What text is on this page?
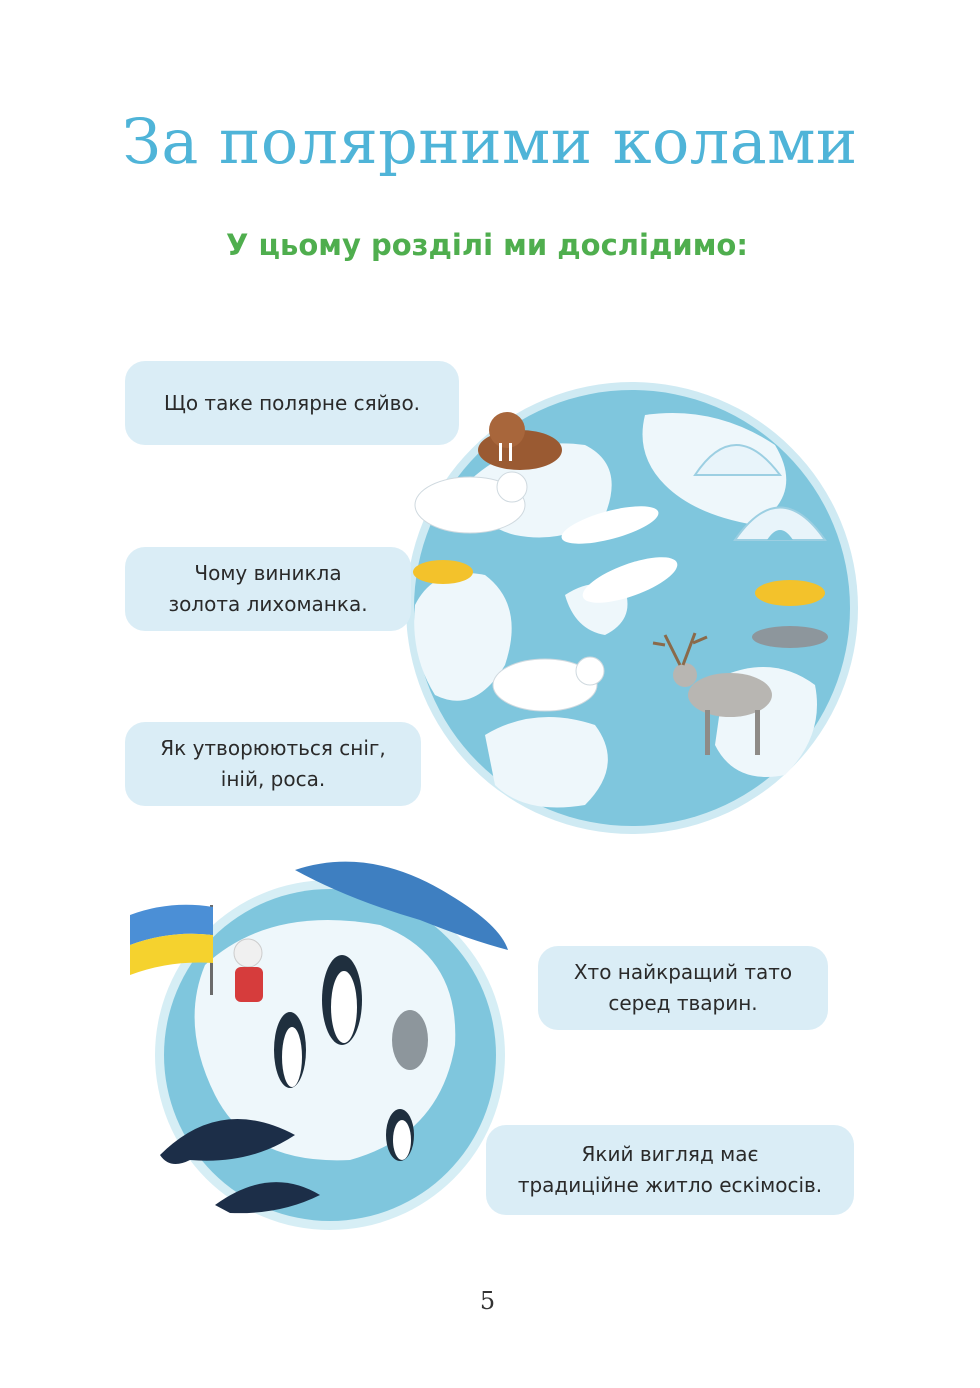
За полярними колами
У цьому розділі ми дослідимо:
Що таке полярне сяйво.
Чому виникла
золота лихоманка.
Як утворюються сніг,
іній, роса.
Хто найкращий тато
серед тварин.
Який вигляд має
традиційне житло ескімосів.
5
